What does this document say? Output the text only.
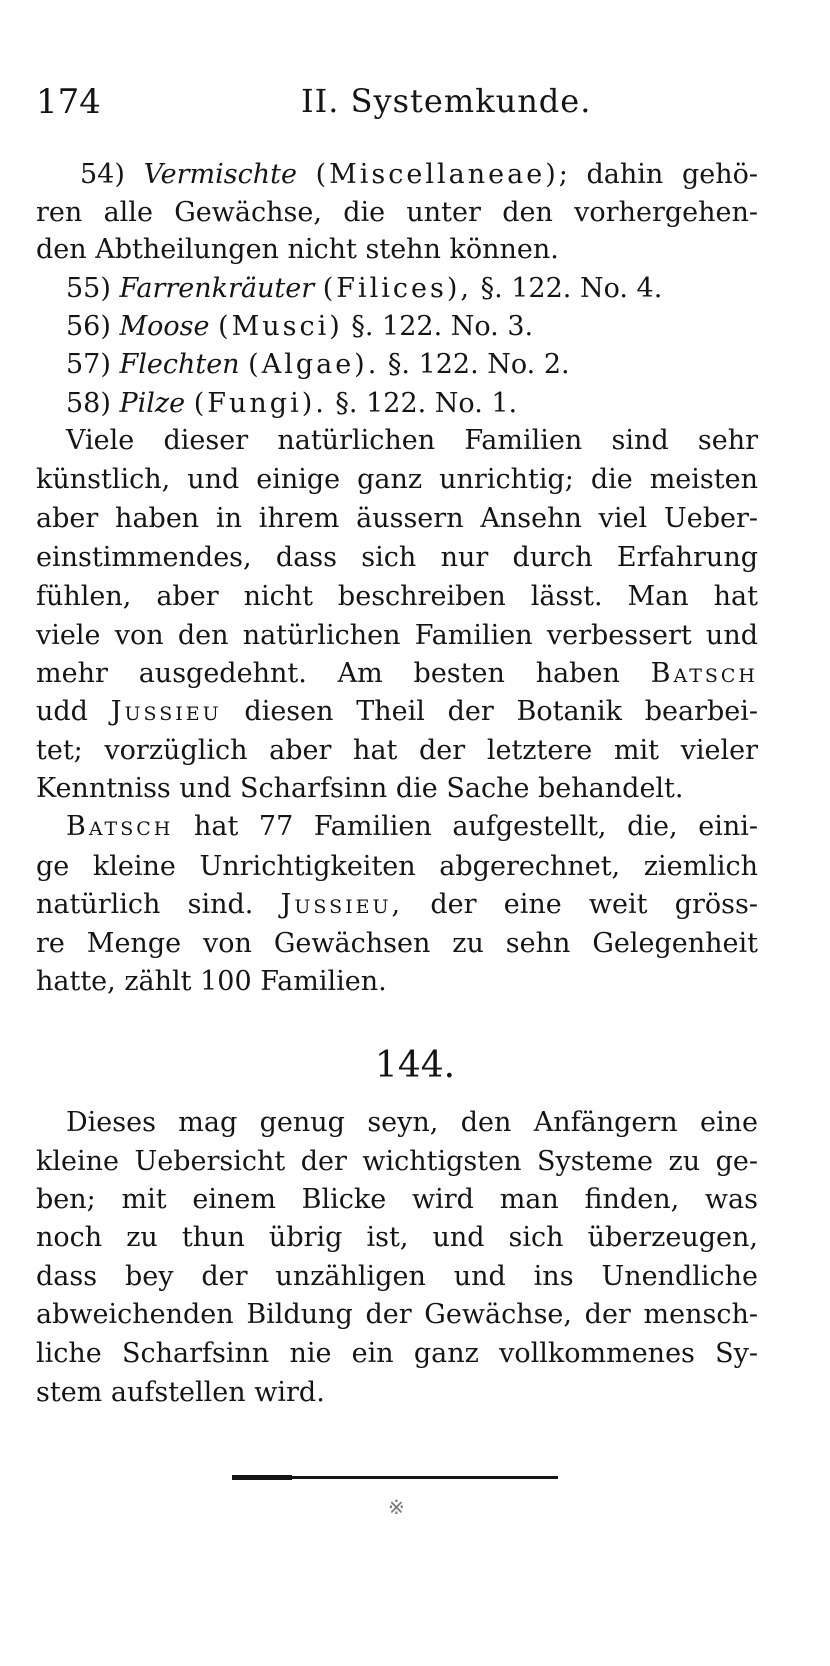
174	II. Systemkunde.
54) Vermischte (Miscellaneae); dahin gehö-
ren alle Gewächse, die unter den vorhergehen-
den Abtheilungen nicht stehn können.
55) Farrenkräuter (Filices), §. 122. No. 4.
56) Moose (Musci) §. 122. No. 3.
57) Flechten (Algae). §. 122. No. 2.
58) Pilze (Fungi). §. 122. No. 1.
Viele dieser natürlichen Familien sind sehr
künstlich, und einige ganz unrichtig; die meisten
aber haben in ihrem äussern Ansehn viel Ueber-
einstimmendes, dass sich nur durch Erfahrung
fühlen, aber nicht beschreiben lässt. Man hat
viele von den natürlichen Familien verbessert und
mehr ausgedehnt. Am besten haben Batsch
udd Jussieu diesen Theil der Botanik bearbei-
tet; vorzüglich aber hat der letztere mit vieler
Kenntniss und Scharfsinn die Sache behandelt.
Batsch hat 77 Familien aufgestellt, die, eini-
ge kleine Unrichtigkeiten abgerechnet, ziemlich
natürlich sind. Jussieu, der eine weit gröss-
re Menge von Gewächsen zu sehn Gelegenheit
hatte, zählt 100 Familien.
144.
Dieses mag genug seyn, den Anfängern eine
kleine Uebersicht der wichtigsten Systeme zu ge-
ben; mit einem Blicke wird man finden, was
noch zu thun übrig ist, und sich überzeugen,
dass bey der unzähligen und ins Unendliche
abweichenden Bildung der Gewächse, der mensch-
liche Scharfsinn nie ein ganz vollkommenes Sy-
stem aufstellen wird.
※
